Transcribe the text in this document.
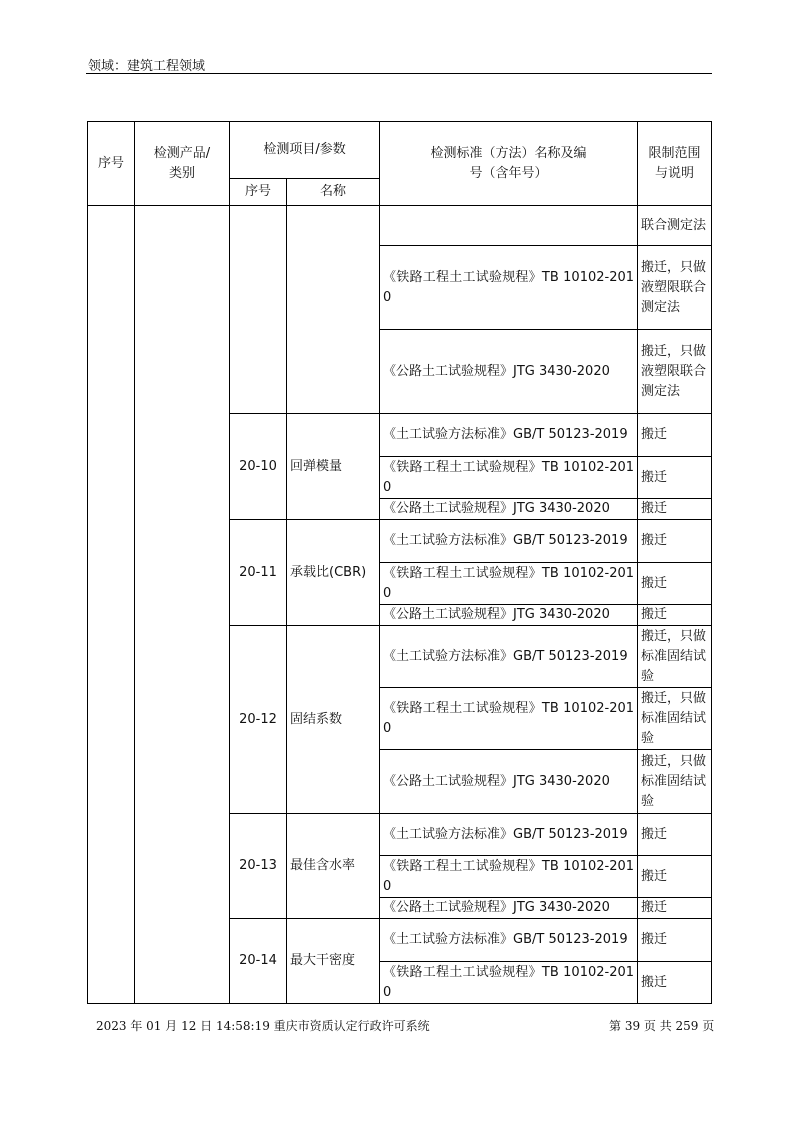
领域：建筑工程领域
序号	检测产品/类别	检测项目/参数		检测标准（方法）名称及编号（含年号）	限制范围与说明
		序号	名称		
					联合测定法
				《铁路工程土工试验规程》TB 10102-2010	搬迁，只做液塑限联合测定法
				《公路土工试验规程》JTG 3430-2020	搬迁，只做液塑限联合测定法
		20-10	回弹模量	《土工试验方法标准》GB/T 50123-2019	搬迁
				《铁路工程土工试验规程》TB 10102-2010	搬迁
				《公路土工试验规程》JTG 3430-2020	搬迁
		20-11	承载比(CBR)	《土工试验方法标准》GB/T 50123-2019	搬迁
				《铁路工程土工试验规程》TB 10102-2010	搬迁
				《公路土工试验规程》JTG 3430-2020	搬迁
		20-12	固结系数	《土工试验方法标准》GB/T 50123-2019	搬迁，只做标准固结试验
				《铁路工程土工试验规程》TB 10102-2010	搬迁，只做标准固结试验
				《公路土工试验规程》JTG 3430-2020	搬迁，只做标准固结试验
		20-13	最佳含水率	《土工试验方法标准》GB/T 50123-2019	搬迁
				《铁路工程土工试验规程》TB 10102-2010	搬迁
				《公路土工试验规程》JTG 3430-2020	搬迁
		20-14	最大干密度	《土工试验方法标准》GB/T 50123-2019	搬迁
				《铁路工程土工试验规程》TB 10102-2010	搬迁
2023 年 01 月 12 日 14:58:19 重庆市资质认定行政许可系统	第 39 页 共 259 页
